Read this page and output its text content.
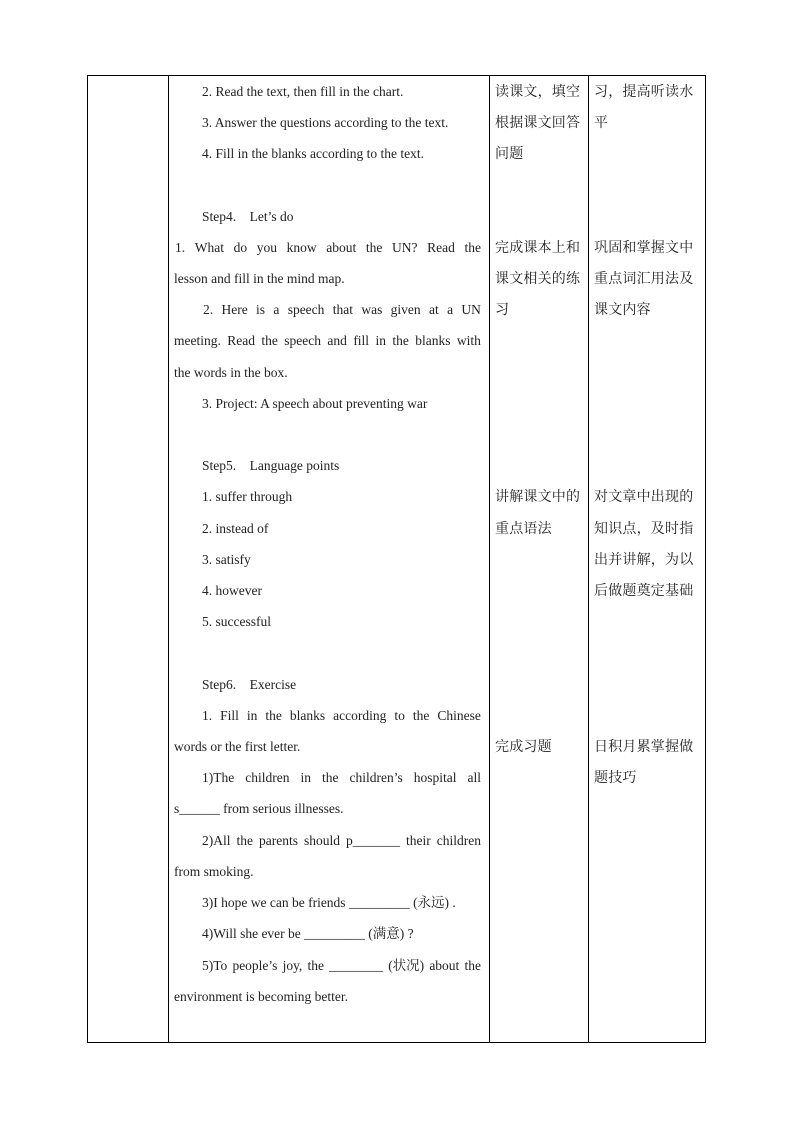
2. Read the text, then fill in the chart.
3. Answer the questions according to the text.
4. Fill in the blanks according to the text.
Step4.    Let’s do
1. What do you know about the UN? Read the
lesson and fill in the mind map.
2. Here is a speech that was given at a UN
meeting. Read the speech and fill in the blanks with
the words in the box.
3. Project: A speech about preventing war
Step5.    Language points
1. suffer through
2. instead of
3. satisfy
4. however
5. successful
Step6.    Exercise
1. Fill in the blanks according to the Chinese
words or the first letter.
1)The children in the children’s hospital all
s______ from serious illnesses.
2)All the parents should p_______ their children
from smoking.
3)I hope we can be friends _________ (永远) .
4)Will she ever be _________ (满意) ?
5)To people’s joy, the ________ (状况) about the
environment is becoming better.
读课文，填空
根据课文回答
问题
完成课本上和
课文相关的练
习
讲解课文中的
重点语法
完成习题
习，提高听读水
平
巩固和掌握文中
重点词汇用法及
课文内容
对文章中出现的
知识点，及时指
出并讲解，为以
后做题奠定基础
日积月累掌握做
题技巧
